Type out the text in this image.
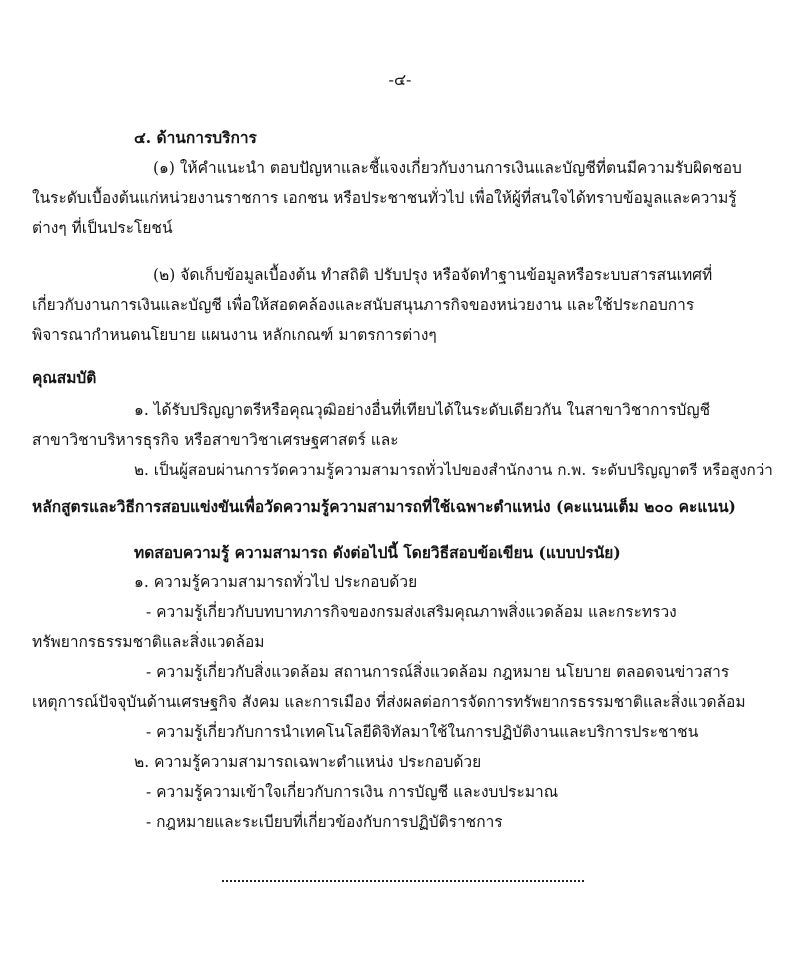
-๔-
๔. ด้านการบริการ
(๑) ให้คำแนะนำ ตอบปัญหาและชี้แจงเกี่ยวกับงานการเงินและบัญชีที่ตนมีความรับผิดชอบ
ในระดับเบื้องต้นแก่หน่วยงานราชการ เอกชน หรือประชาชนทั่วไป เพื่อให้ผู้ที่สนใจได้ทราบข้อมูลและความรู้
ต่างๆ ที่เป็นประโยชน์
(๒) จัดเก็บข้อมูลเบื้องต้น ทำสถิติ ปรับปรุง หรือจัดทำฐานข้อมูลหรือระบบสารสนเทศที่
เกี่ยวกับงานการเงินและบัญชี เพื่อให้สอดคล้องและสนับสนุนภารกิจของหน่วยงาน และใช้ประกอบการ
พิจารณากำหนดนโยบาย แผนงาน หลักเกณฑ์ มาตรการต่างๆ
คุณสมบัติ
๑. ได้รับปริญญาตรีหรือคุณวุฒิอย่างอื่นที่เทียบได้ในระดับเดียวกัน ในสาขาวิชาการบัญชี
สาขาวิชาบริหารธุรกิจ หรือสาขาวิชาเศรษฐศาสตร์ และ
๒. เป็นผู้สอบผ่านการวัดความรู้ความสามารถทั่วไปของสำนักงาน ก.พ. ระดับปริญญาตรี หรือสูงกว่า
หลักสูตรและวิธีการสอบแข่งขันเพื่อวัดความรู้ความสามารถที่ใช้เฉพาะตำแหน่ง (คะแนนเต็ม ๒๐๐ คะแนน)
ทดสอบความรู้ ความสามารถ ดังต่อไปนี้ โดยวิธีสอบข้อเขียน (แบบปรนัย)
๑. ความรู้ความสามารถทั่วไป ประกอบด้วย
- ความรู้เกี่ยวกับบทบาทภารกิจของกรมส่งเสริมคุณภาพสิ่งแวดล้อม และกระทรวง
ทรัพยากรธรรมชาติและสิ่งแวดล้อม
- ความรู้เกี่ยวกับสิ่งแวดล้อม สถานการณ์สิ่งแวดล้อม กฎหมาย นโยบาย ตลอดจนข่าวสาร
เหตุการณ์ปัจจุบันด้านเศรษฐกิจ สังคม และการเมือง ที่ส่งผลต่อการจัดการทรัพยากรธรรมชาติและสิ่งแวดล้อม
- ความรู้เกี่ยวกับการนำเทคโนโลยีดิจิทัลมาใช้ในการปฏิบัติงานและบริการประชาชน
๒. ความรู้ความสามารถเฉพาะตำแหน่ง ประกอบด้วย
- ความรู้ความเข้าใจเกี่ยวกับการเงิน การบัญชี และงบประมาณ
- กฎหมายและระเบียบที่เกี่ยวข้องกับการปฏิบัติราชการ
